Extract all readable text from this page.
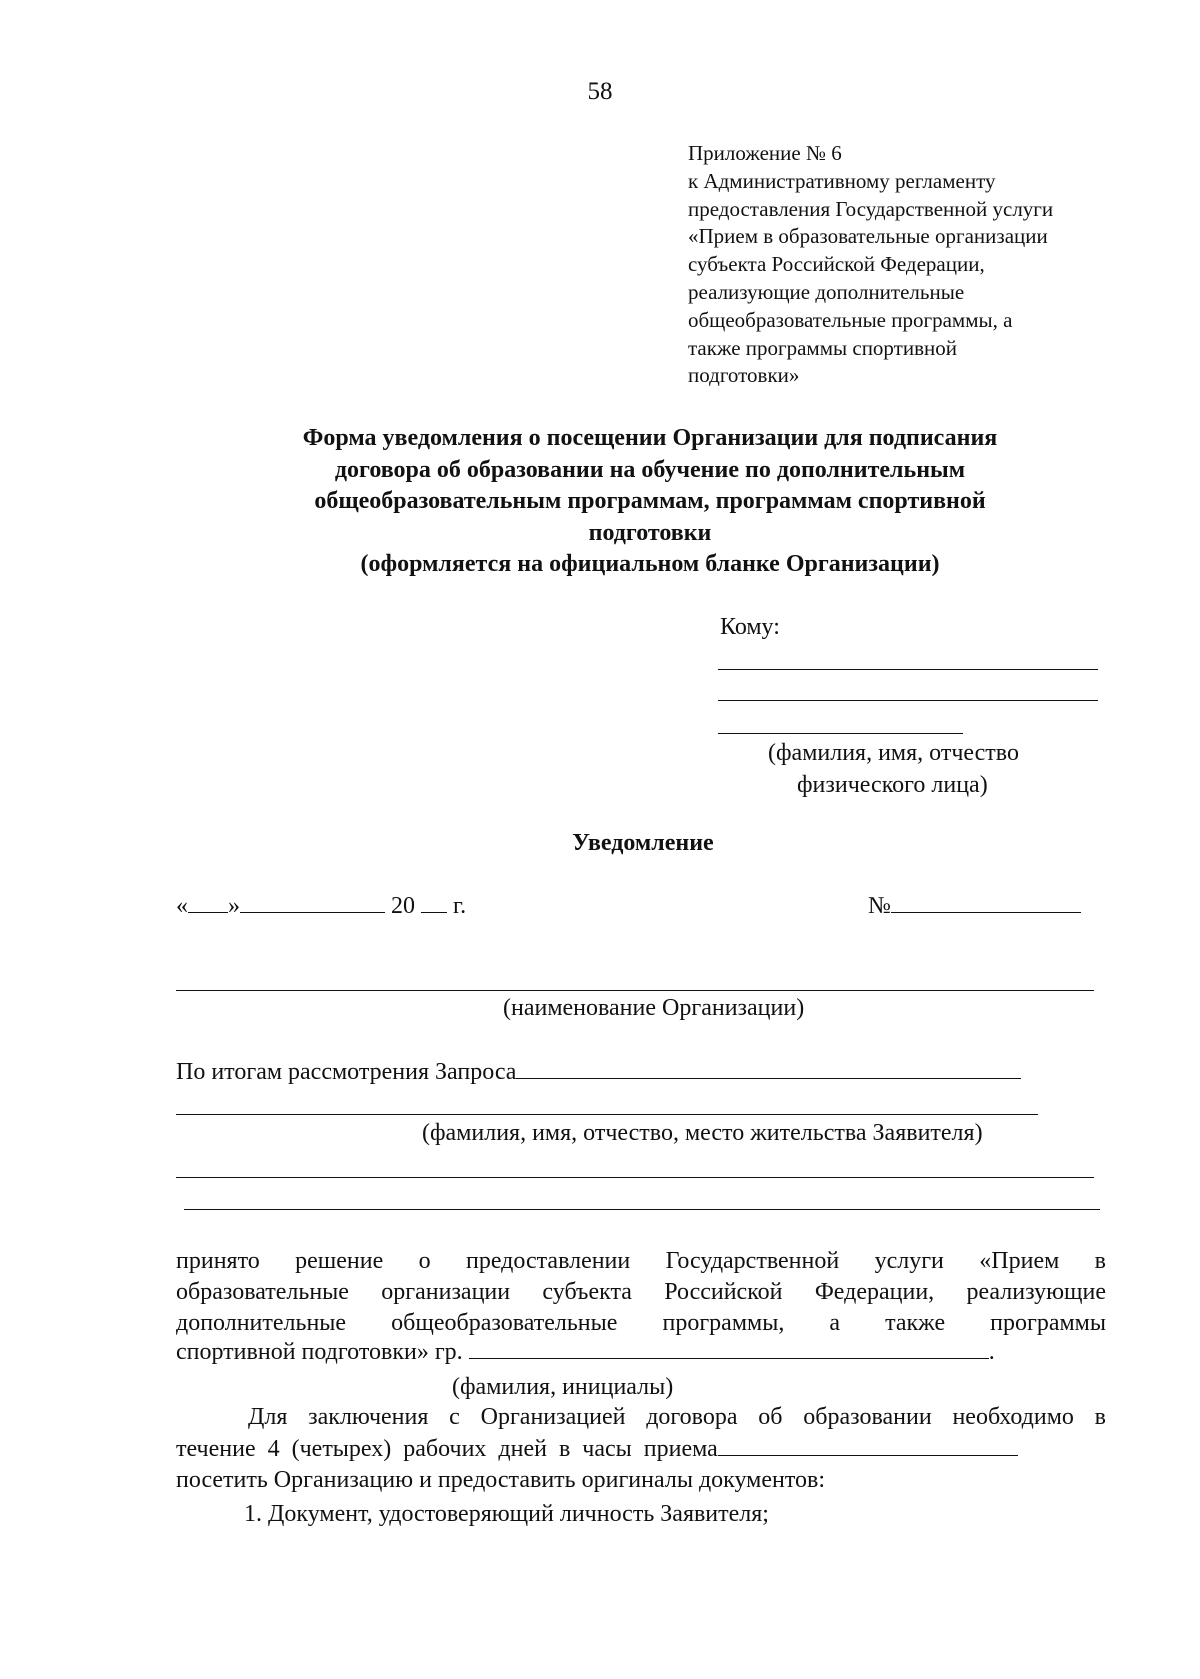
58
Приложение № 6
к Административному регламенту
предоставления Государственной услуги
«Прием в образовательные организации
субъекта Российской Федерации,
реализующие дополнительные
общеобразовательные программы, а
также программы спортивной
подготовки»
Форма уведомления о посещении Организации для подписания
договора об образовании на обучение по дополнительным
общеобразовательным программам, программам спортивной
подготовки
(оформляется на официальном бланке Организации)
Кому:
(фамилия, имя, отчество
физического лица)
Уведомление
« »	20 г.	№
(наименование Организации)
По итогам рассмотрения Запроса
(фамилия, имя, отчество, место жительства Заявителя)
принято решение о предоставлении Государственной услуги «Прием в
образовательные организации субъекта Российской Федерации, реализующие
дополнительные общеобразовательные программы, а также программы
спортивной подготовки» гр.	.
(фамилия, инициалы)
Для заключения с Организацией договора об образовании необходимо в
течение 4 (четырех) рабочих дней в часы приема
посетить Организацию и предоставить оригиналы документов:
1. Документ, удостоверяющий личность Заявителя;
